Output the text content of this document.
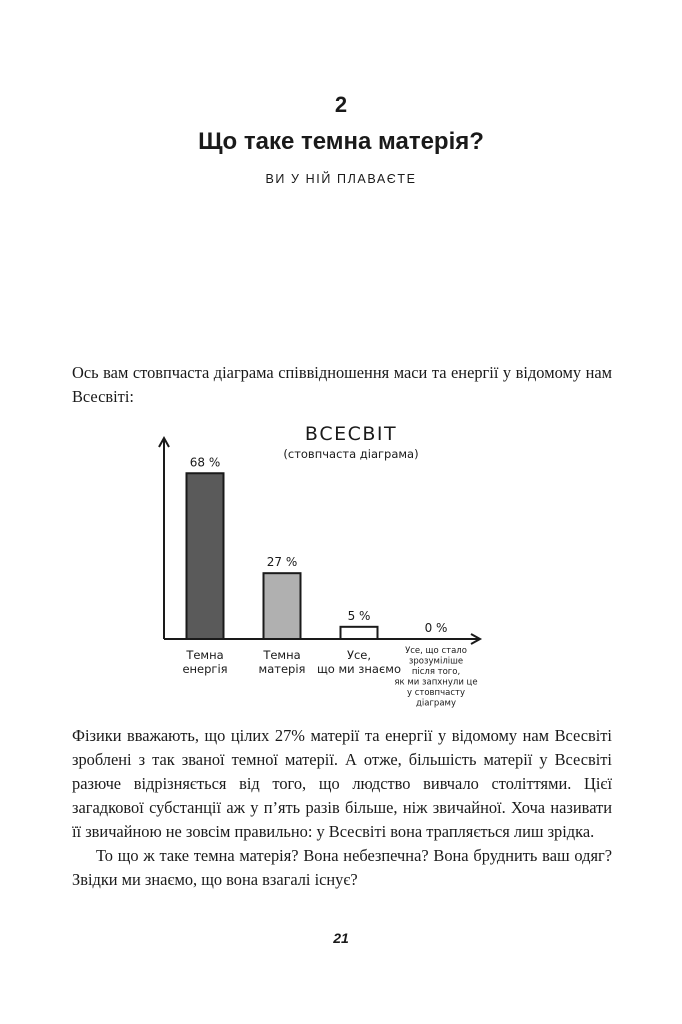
2
Що таке темна матерія?
ВИ У НІЙ ПЛАВАЄТЕ

Ось вам стовпчаста діаграма співвідношення маси та енергії у відомому нам Всесвіті:

ВСЕСВІТ
(стовпчаста діаграма)
68 %
Темна
енергія
27 %
Темна
матерія
5 %
Усе,
що ми знаємо
0 %
Усе, що стало
зрозуміліше
після того,
як ми запхнули це
у стовпчасту
діаграму

Фізики вважають, що цілих 27% матерії та енергії у відомому нам Всесвіті зроблені з так званої темної матерії. А отже, більшість матерії у Всесвіті разюче відрізняється від того, що людство вивчало століттями. Цієї загадкової субстанції аж у п’ять разів більше, ніж звичайної. Хоча називати її звичайною не зовсім правильно: у Всесвіті вона трапляється лиш зрідка.

То що ж таке темна матерія? Вона небезпечна? Вона бруднить ваш одяг? Звідки ми знаємо, що вона взагалі існує?

21
